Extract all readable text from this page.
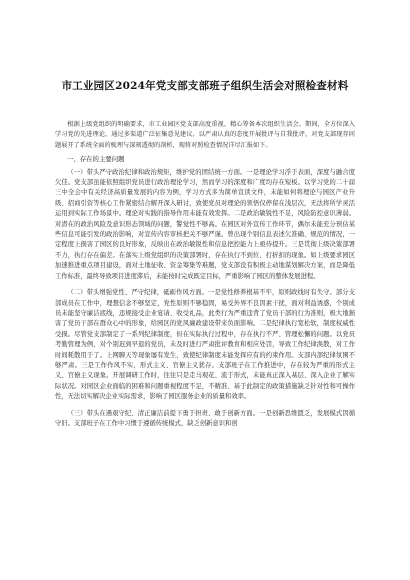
市工业园区2024年党支部支部班子组织生活会对照检查材料

根据上级党组织的明确要求，市工业园区党支部高度重视、精心筹备本次组织生活会。期间，全方位深入学习党的先进理论，通过多渠道广泛征集意见建议，以严肃认真的态度开展批评与自我批评，对党支部现存问题展开了系统全面的梳理与深刻透彻的剖析，现将对照检查情况详尽汇报如下。

一、存在的主要问题

（一）带头严守政治纪律和政治规矩，维护党的团结统一方面。一是理论学习浮于表面，深度与融合度欠佳。党支部虽能依照组织党员进行政治理论学习，然而学习的深度和广度均存在短板。以学习党的二十届三中全会中有关经济高质量发展的内容为例，学习方式多为简单宣读文件，未能如何将理论与园区产业升级、招商引资等核心工作紧密结合解开深入研讨，致使党员对理论的领悟仅停留在浅层次，无法将所学灵活运用到实际工作场景中。理论对实践的指导作用未能有效发挥。二是政治敏锐性不足，风险防控意识薄弱。对潜在的政治风险及意识形态领域的问题，警觉性不够高。在园区对外宣传工作环节，偶尔未能充分预估某些信息可能引发的政治影响，对宣传内容审核把关不够严谨。曾出现个别信息表述欠准确、规范的情况，一定程度上损害了园区的良好形象，反映出在政治敏锐性和信息把控能力上亟待提升。三是贯彻上级决策部署不力，执行存在偏差。在落实上级党组织的决策部署时，存在执行不到位、打折扣的现象。如上级要求园区加速推进重点项目建设，面对土地征收、资金筹集等难题，党支部没有积极主动地谋划解决方案，而是降低工作标准，最终导致项目进度滞后，未能按时完成既定目标，严重影响了园区的整体发展进程。

（二）带头增强党性、严守纪律，砥砺作风方面。一是党性修养根基不牢，原则政线时有失守。部分支部成员在工作中，理想信念不够坚定，党性原则不够稳固，易受外界不良因素干扰，面对利益诱惑，个别成员未能坚守廉洁底线，违规接受企业宴请、收受礼品，此类行为严重违背了党员干部的行为准则，极大地损害了党员干部在群众心中的形象，给园区的党风廉政建设带来负面影响。二是纪律执行宽松软，制度权威性受损。尽管党支部制定了一系列纪律制度，但在实际执行过程中，存在执行不严、管理松懈的问题。以党员考勤管理为例，对个别迟到早退的党员，未及时进行严肃批评教育和相应处罚，导致工作纪律涣散，对工作时间耗散用于了。上网聊天等现象屡有发生，致使纪律制度未能发挥应有的约束作用。支部内部纪律氛围不够严肃。三是工作作风不实，形式主义、官僚主义犹存。支部班子在工作推进中，存在较为严重的形式主义、官僚主义现象。开展调研工作时，往往只是走马观花、流于形式，未能真正深入基层、深入企业了解实际状况。对园区企业面临的困难和问题重视程度不足，不精准、基于此制定的政策措施缺乏针对性和可操作性，无法切实解决企业实际需求，影响了园区服务企业的质量和效率。

（三）带头在遇艰守纪、清正廉洁前提下勇于担责、敢于创新方面。一是创新思维匮乏，发展模式因循守旧。支部班子在工作中习惯于遵循传统模式，缺乏创新意识和创
